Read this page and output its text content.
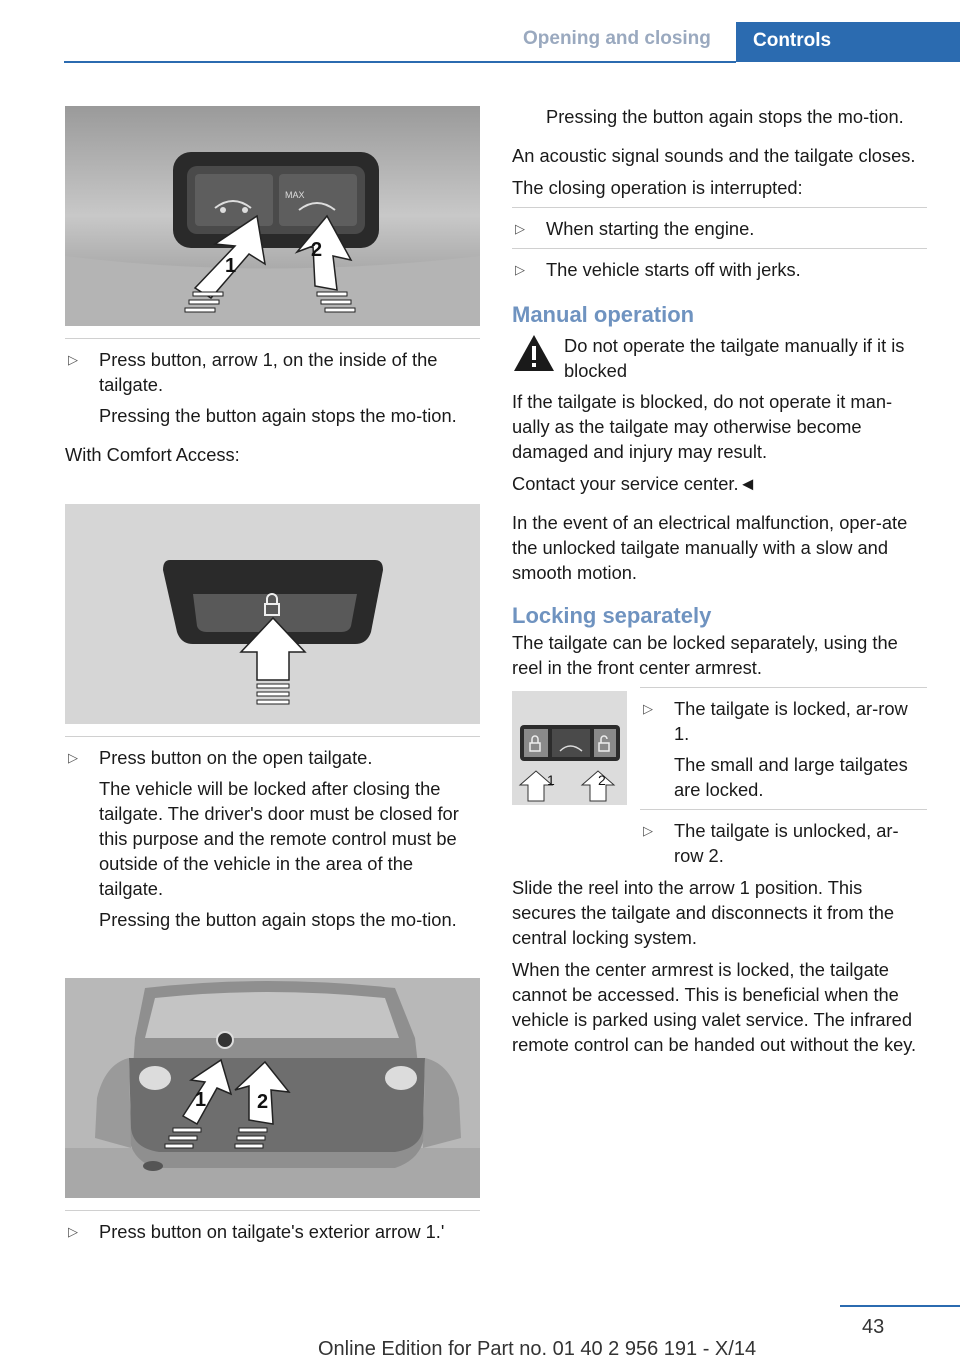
Opening and closing	Controls
MAX
1
2
▷ Press button, arrow 1, on the inside of the tailgate.
Pressing the button again stops the mo‐tion.
With Comfort Access:
▷ Press button on the open tailgate.
The vehicle will be locked after closing the tailgate. The driver's door must be closed for this purpose and the remote control must be outside of the vehicle in the area of the tailgate.
Pressing the button again stops the mo‐tion.
1	2
▷ Press button on tailgate's exterior arrow 1.'
Pressing the button again stops the mo‐tion.
An acoustic signal sounds and the tailgate closes.
The closing operation is interrupted:
▷ When starting the engine.
▷ The vehicle starts off with jerks.
Manual operation
Do not operate the tailgate manually if it is blocked
If the tailgate is blocked, do not operate it man‐ually as the tailgate may otherwise become damaged and injury may result.
Contact your service center.◄
In the event of an electrical malfunction, oper‐ate the unlocked tailgate manually with a slow and smooth motion.
Locking separately
The tailgate can be locked separately, using the reel in the front center armrest.
1	2
▷ The tailgate is locked, ar‐row 1.
The small and large tailgates are locked.
▷ The tailgate is unlocked, ar‐row 2.
Slide the reel into the arrow 1 position. This secures the tailgate and disconnects it from the central locking system.
When the center armrest is locked, the tailgate cannot be accessed. This is beneficial when the vehicle is parked using valet service. The infrared remote control can be handed out without the key.
43
Online Edition for Part no. 01 40 2 956 191 - X/14
